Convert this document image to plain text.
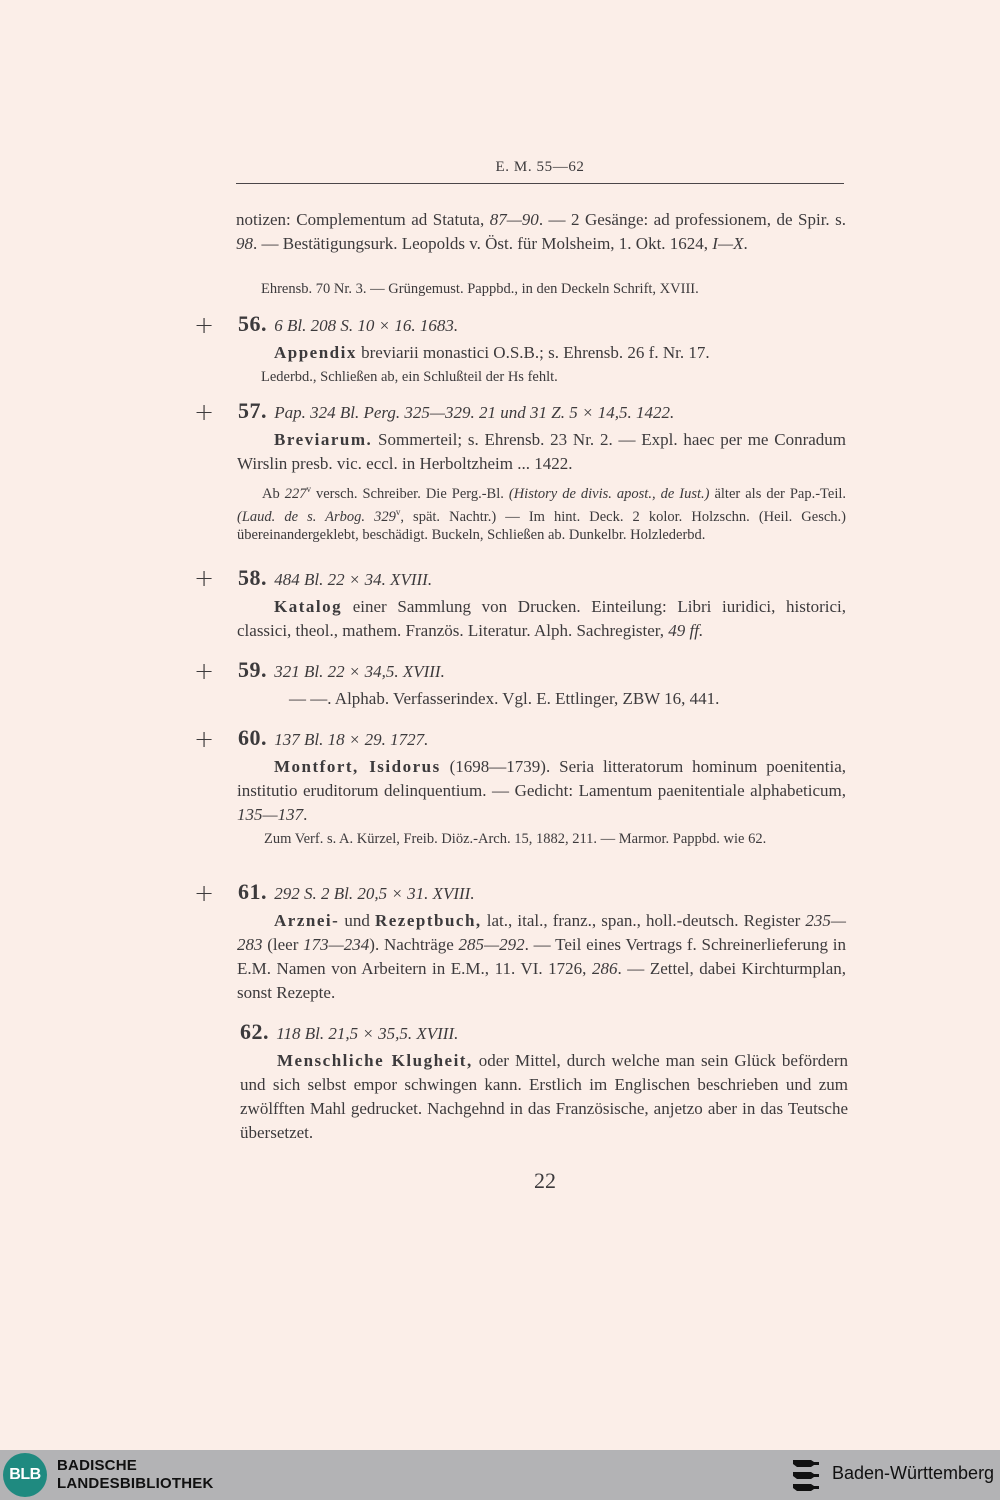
E. M. 55—62

notizen: Complementum ad Statuta, 87—90. — 2 Gesänge: ad professionem, de Spir. s. 98. — Bestätigungsurk. Leopolds v. Öst. für Molsheim, 1. Okt. 1624, I—X.

Ehrensb. 70 Nr. 3. — Grüngemust. Pappbd., in den Deckeln Schrift, XVIII.

+ 56. 6 Bl. 208 S. 10 × 16. 1683.

Appendix breviarii monastici O.S.B.; s. Ehrensb. 26 f. Nr. 17.

Lederbd., Schließen ab, ein Schlußteil der Hs fehlt.

+ 57. Pap. 324 Bl. Perg. 325—329. 21 und 31 Z. 5 × 14,5. 1422.

Breviarum. Sommerteil; s. Ehrensb. 23 Nr. 2. — Expl. haec per me Conradum Wirslin presb. vic. eccl. in Herboltzheim ... 1422.

Ab 227$^v$ versch. Schreiber. Die Perg.-Bl. (History de divis. apost., de Iust.) älter als der Pap.-Teil. (Laud. de s. Arbog. 329$^v$, spät. Nachtr.) — Im hint. Deck. 2 kolor. Holzschn. (Heil. Gesch.) übereinandergeklebt, beschädigt. Buckeln, Schließen ab. Dunkelbr. Holzlederbd.

+ 58. 484 Bl. 22 × 34. XVIII.

Katalog einer Sammlung von Drucken. Einteilung: Libri iuridici, historici, classici, theol., mathem. Französ. Literatur. Alph. Sachregister, 49 ff.

+ 59. 321 Bl. 22 × 34,5. XVIII.

— —. Alphab. Verfasserindex. Vgl. E. Ettlinger, ZBW 16, 441.

+ 60. 137 Bl. 18 × 29. 1727.

Montfort, Isidorus (1698—1739). Seria litteratorum hominum poenitentia, institutio eruditorum delinquentium. — Gedicht: Lamentum paenitentiale alphabeticum, 135—137.

Zum Verf. s. A. Kürzel, Freib. Diöz.-Arch. 15, 1882, 211. — Marmor. Pappbd. wie 62.

+ 61. 292 S. 2 Bl. 20,5 × 31. XVIII.

Arznei- und Rezeptbuch, lat., ital., franz., span., holl.-deutsch. Register 235—283 (leer 173—234). Nachträge 285—292. — Teil eines Vertrags f. Schreinerlieferung in E.M. Namen von Arbeitern in E.M., 11. VI. 1726, 286. — Zettel, dabei Kirchturmplan, sonst Rezepte.

62. 118 Bl. 21,5 × 35,5. XVIII.

Menschliche Klugheit, oder Mittel, durch welche man sein Glück befördern und sich selbst empor schwingen kann. Erstlich im Englischen beschrieben und zum zwölfften Mahl gedrucket. Nachgehnd in das Französische, anjetzo aber in das Teutsche übersetzet.

22
BLB
BADISCHE
LANDESBIBLIOTHEK
Baden-Württemberg
